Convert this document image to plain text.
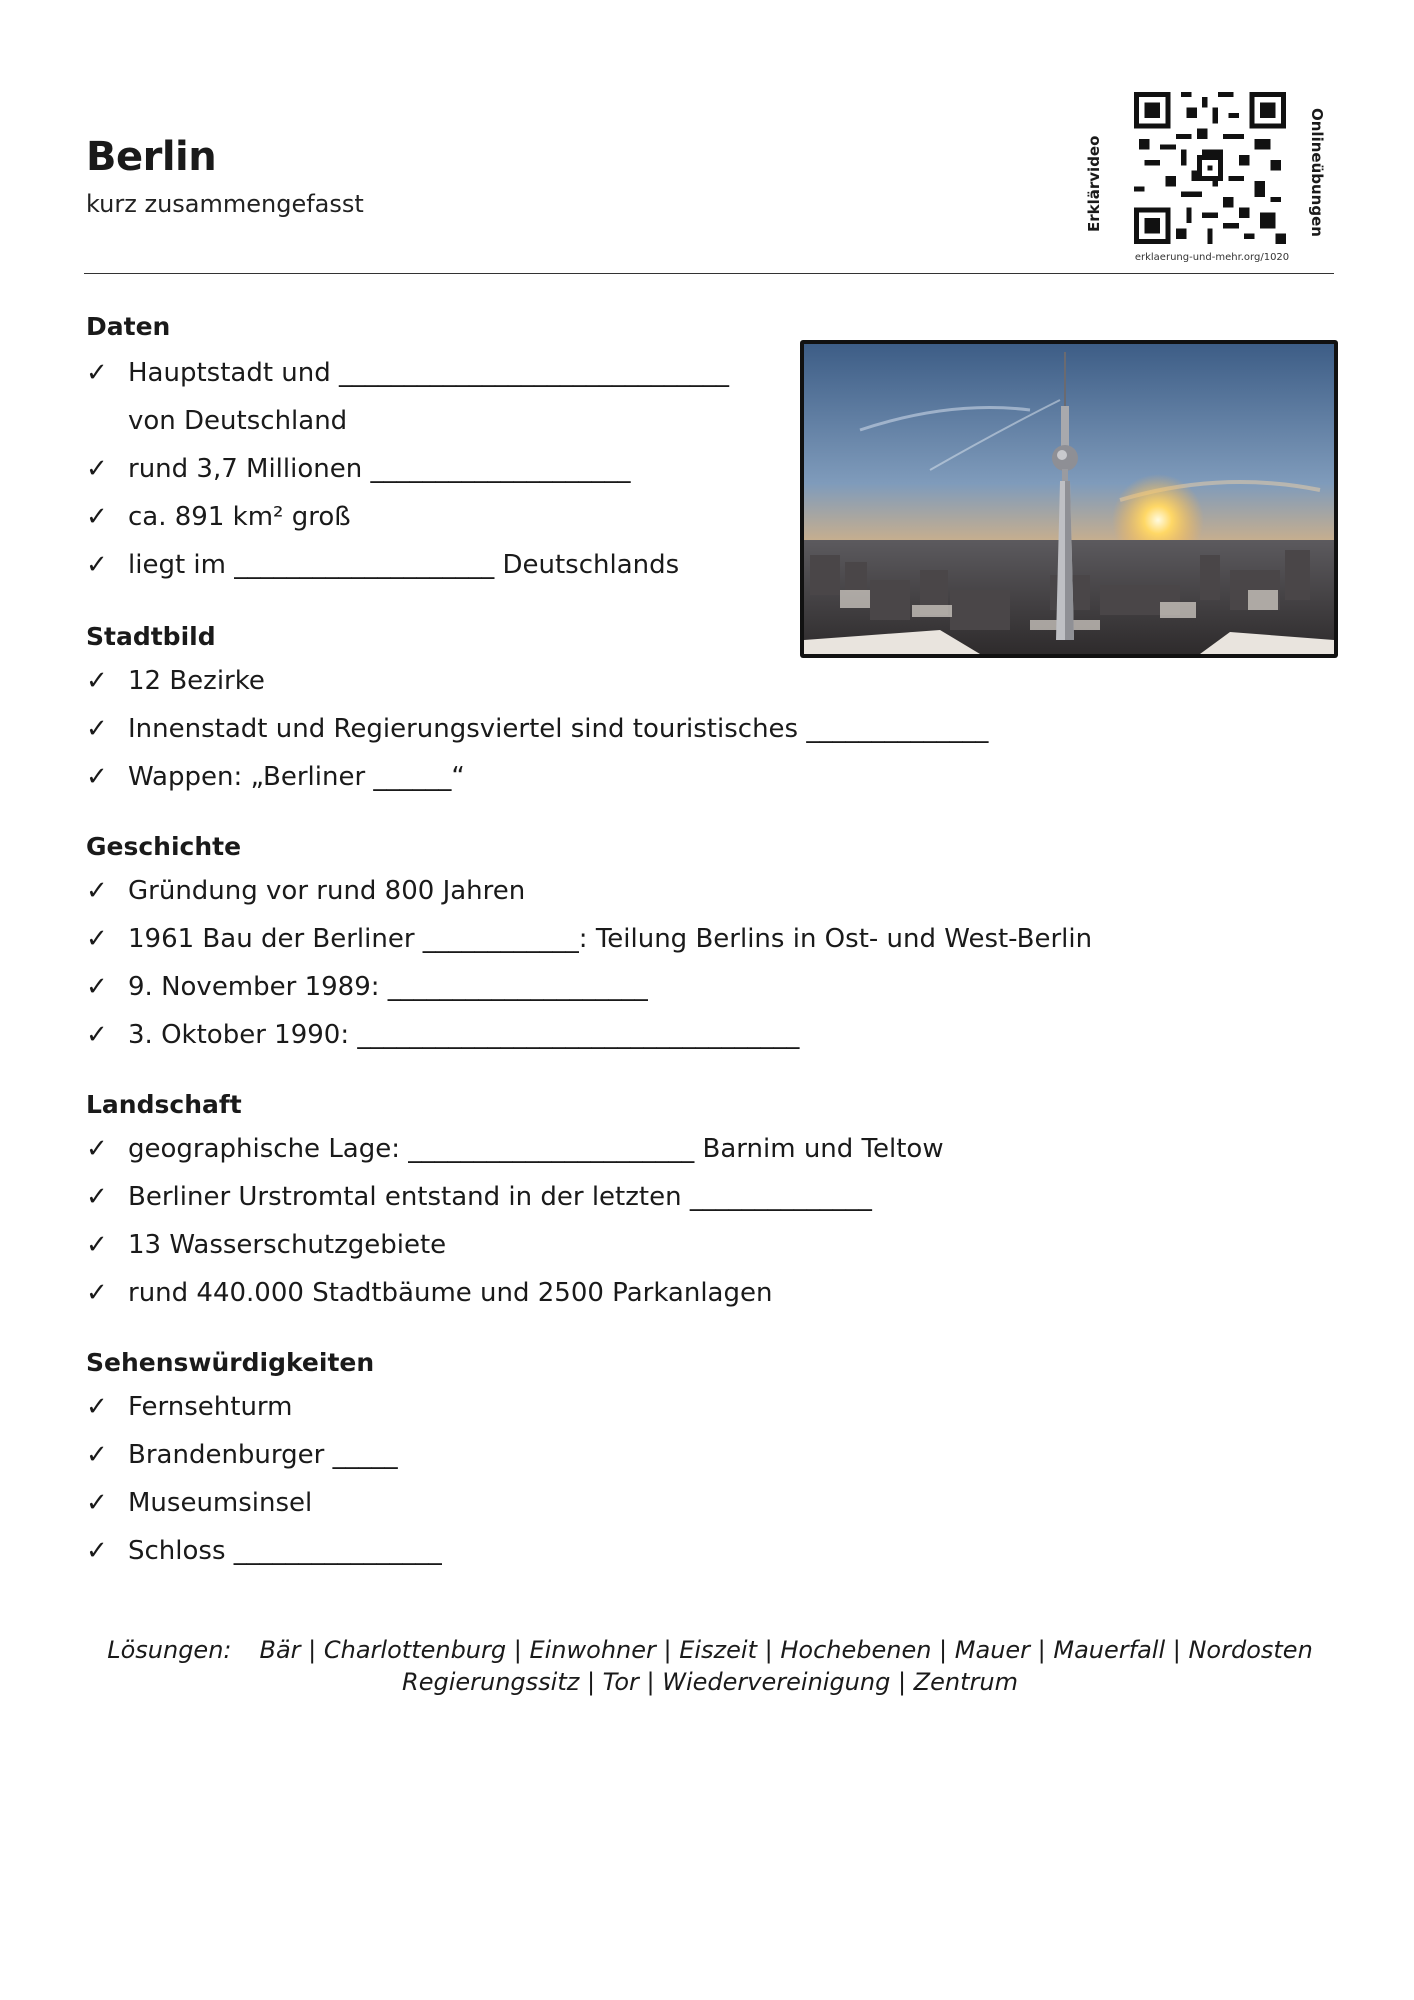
Berlin
kurz zusammengefasst	Erklärvideo	Onlineübungen
erklaerung-und-mehr.org/1020
Daten
✓ Hauptstadt und ______________________________
von Deutschland
✓ rund 3,7 Millionen ____________________
✓ ca. 891 km² groß
✓ liegt im ____________________ Deutschlands
Stadtbild
✓ 12 Bezirke
✓ Innenstadt und Regierungsviertel sind touristisches ______________
✓ Wappen: „Berliner ______“
Geschichte
✓ Gründung vor rund 800 Jahren
✓ 1961 Bau der Berliner ____________: Teilung Berlins in Ost- und West-Berlin
✓ 9. November 1989: ____________________
✓ 3. Oktober 1990: __________________________________
Landschaft
✓ geographische Lage: ______________________ Barnim und Teltow
✓ Berliner Urstromtal entstand in der letzten ______________
✓ 13 Wasserschutzgebiete
✓ rund 440.000 Stadtbäume und 2500 Parkanlagen
Sehenswürdigkeiten
✓ Fernsehturm
✓ Brandenburger _____
✓ Museumsinsel
✓ Schloss ________________
Lösungen: Bär | Charlottenburg | Einwohner | Eiszeit | Hochebenen | Mauer | Mauerfall | Nordosten
Regierungssitz | Tor | Wiedervereinigung | Zentrum
